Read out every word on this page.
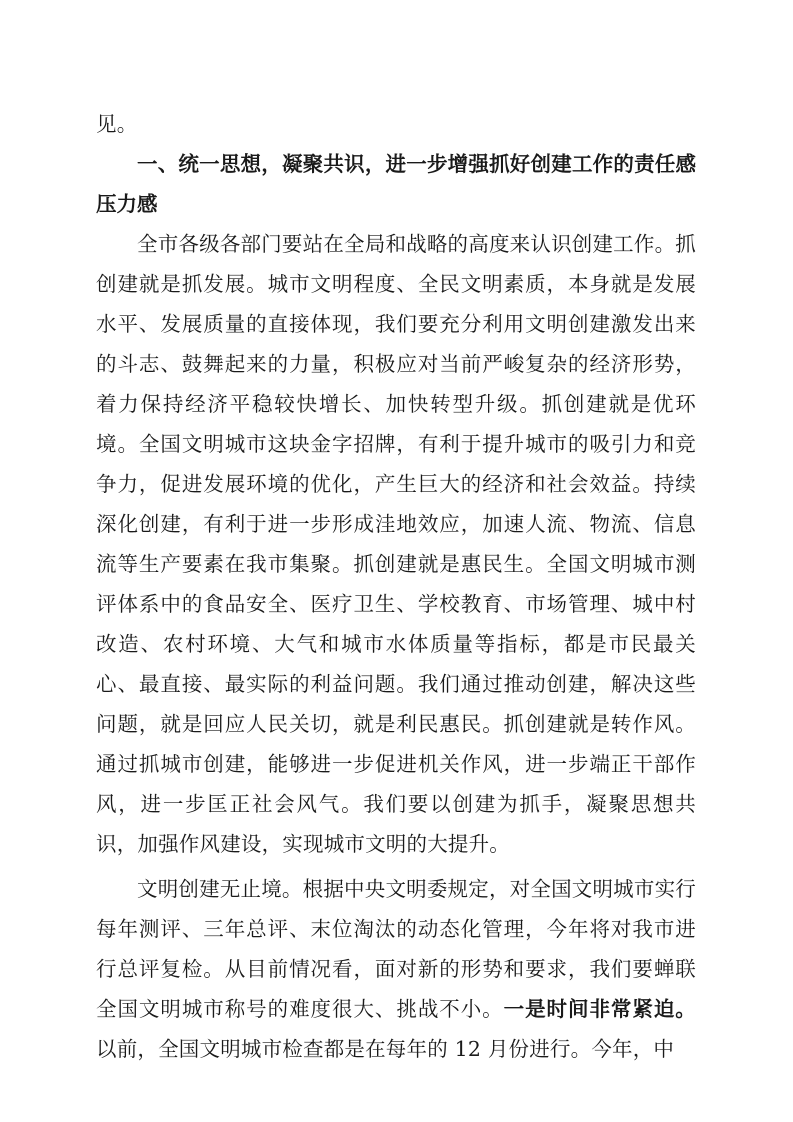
见。

一、统一思想，凝聚共识，进一步增强抓好创建工作的责任感压力感

全市各级各部门要站在全局和战略的高度来认识创建工作。抓创建就是抓发展。城市文明程度、全民文明素质，本身就是发展水平、发展质量的直接体现，我们要充分利用文明创建激发出来的斗志、鼓舞起来的力量，积极应对当前严峻复杂的经济形势，着力保持经济平稳较快增长、加快转型升级。抓创建就是优环境。全国文明城市这块金字招牌，有利于提升城市的吸引力和竞争力，促进发展环境的优化，产生巨大的经济和社会效益。持续深化创建，有利于进一步形成洼地效应，加速人流、物流、信息流等生产要素在我市集聚。抓创建就是惠民生。全国文明城市测评体系中的食品安全、医疗卫生、学校教育、市场管理、城中村改造、农村环境、大气和城市水体质量等指标，都是市民最关心、最直接、最实际的利益问题。我们通过推动创建，解决这些问题，就是回应人民关切，就是利民惠民。抓创建就是转作风。通过抓城市创建，能够进一步促进机关作风，进一步端正干部作风，进一步匡正社会风气。我们要以创建为抓手，凝聚思想共识，加强作风建设，实现城市文明的大提升。

文明创建无止境。根据中央文明委规定，对全国文明城市实行每年测评、三年总评、末位淘汰的动态化管理，今年将对我市进行总评复检。从目前情况看，面对新的形势和要求，我们要蝉联全国文明城市称号的难度很大、挑战不小。一是时间非常紧迫。以前，全国文明城市检查都是在每年的 12 月份进行。今年，中
